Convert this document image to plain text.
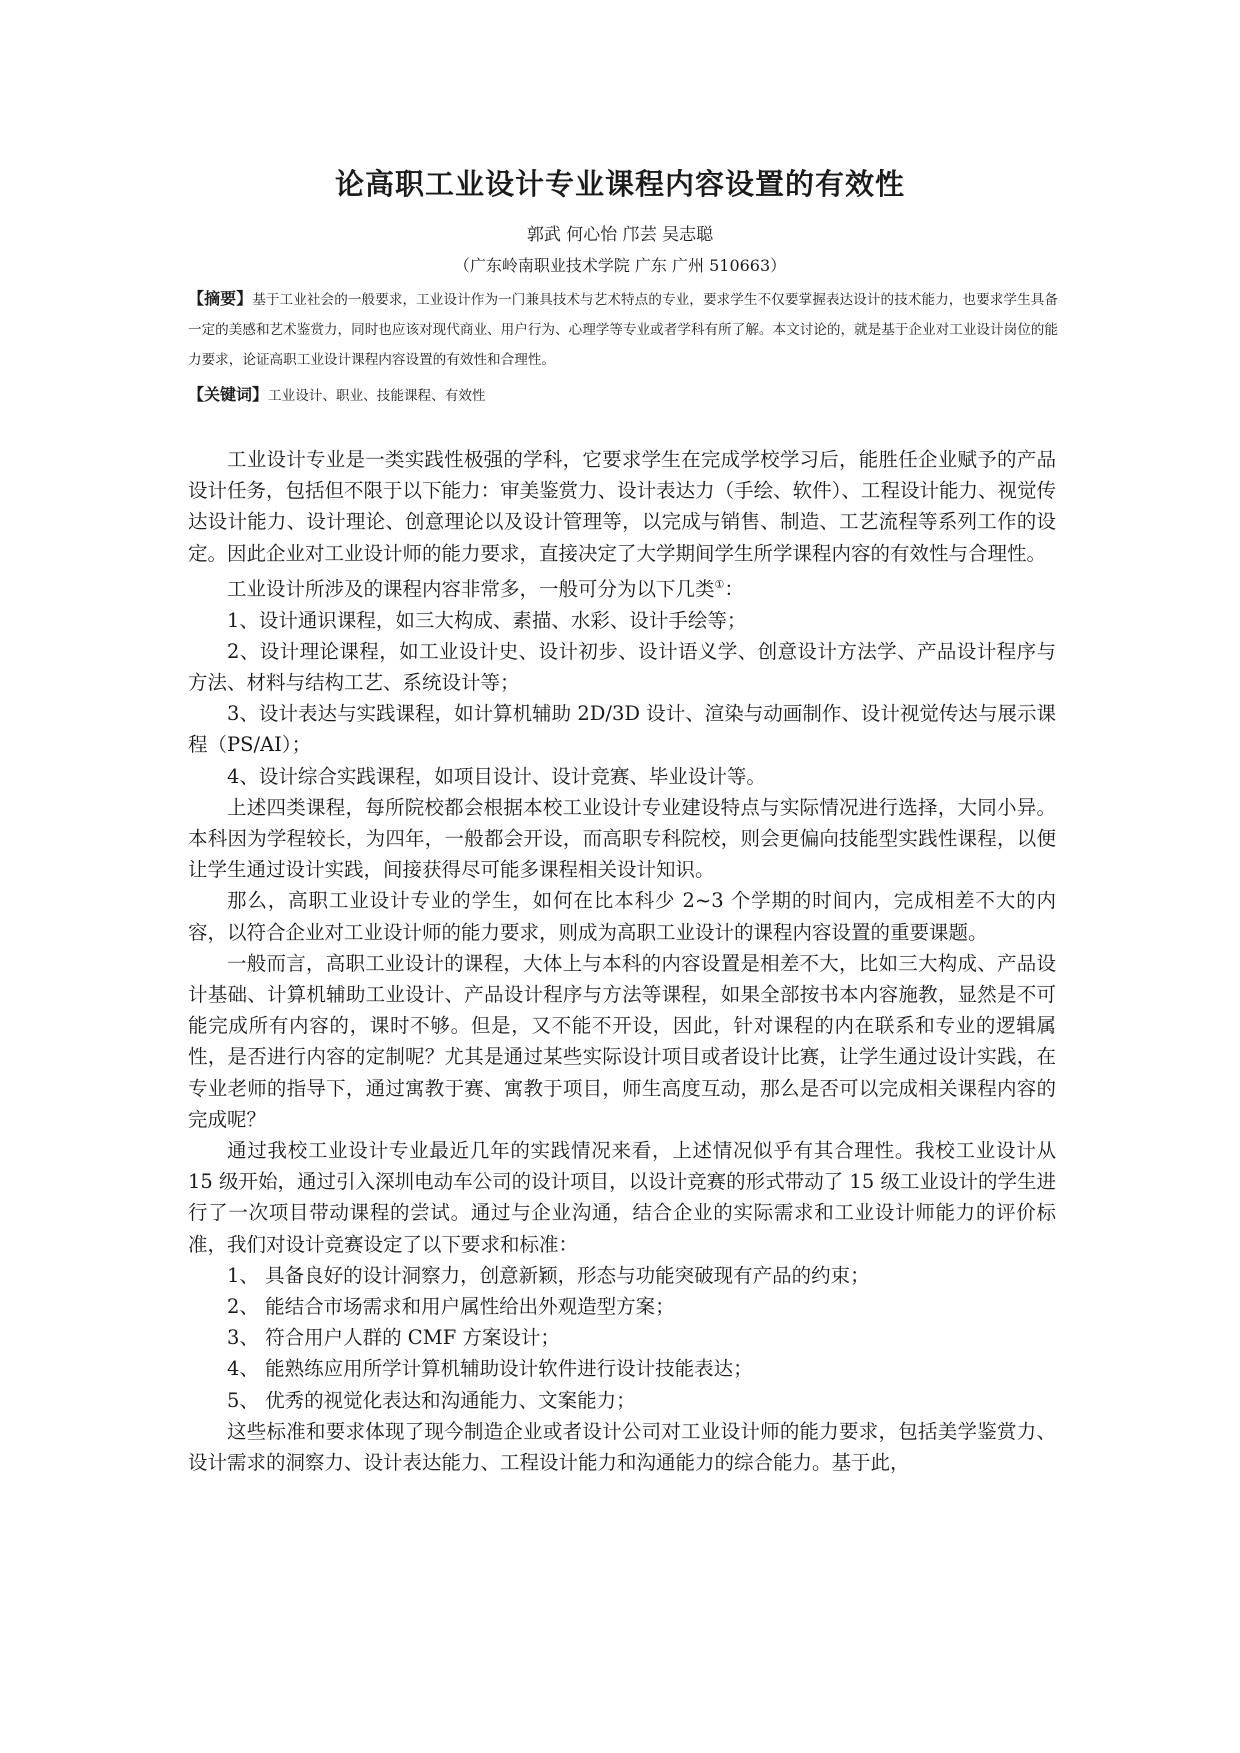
论高职工业设计专业课程内容设置的有效性
郭武 何心怡 邝芸 吴志聪
（广东岭南职业技术学院 广东 广州 510663）
【摘要】基于工业社会的一般要求，工业设计作为一门兼具技术与艺术特点的专业，要求学生不仅要掌握表达设计的技术能力，也要求学生具备一定的美感和艺术鉴赏力，同时也应该对现代商业、用户行为、心理学等专业或者学科有所了解。本文讨论的，就是基于企业对工业设计岗位的能力要求，论证高职工业设计课程内容设置的有效性和合理性。
【关键词】工业设计、职业、技能课程、有效性

工业设计专业是一类实践性极强的学科，它要求学生在完成学校学习后，能胜任企业赋予的产品设计任务，包括但不限于以下能力：审美鉴赏力、设计表达力（手绘、软件）、工程设计能力、视觉传达设计能力、设计理论、创意理论以及设计管理等，以完成与销售、制造、工艺流程等系列工作的设定。因此企业对工业设计师的能力要求，直接决定了大学期间学生所学课程内容的有效性与合理性。

工业设计所涉及的课程内容非常多，一般可分为以下几类①：

1、设计通识课程，如三大构成、素描、水彩、设计手绘等；

2、设计理论课程，如工业设计史、设计初步、设计语义学、创意设计方法学、产品设计程序与方法、材料与结构工艺、系统设计等；

3、设计表达与实践课程，如计算机辅助 2D/3D 设计、渲染与动画制作、设计视觉传达与展示课程（PS/AI）；

4、设计综合实践课程，如项目设计、设计竞赛、毕业设计等。

上述四类课程，每所院校都会根据本校工业设计专业建设特点与实际情况进行选择，大同小异。本科因为学程较长，为四年，一般都会开设，而高职专科院校，则会更偏向技能型实践性课程，以便让学生通过设计实践，间接获得尽可能多课程相关设计知识。

那么，高职工业设计专业的学生，如何在比本科少 2~3 个学期的时间内，完成相差不大的内容，以符合企业对工业设计师的能力要求，则成为高职工业设计的课程内容设置的重要课题。

一般而言，高职工业设计的课程，大体上与本科的内容设置是相差不大，比如三大构成、产品设计基础、计算机辅助工业设计、产品设计程序与方法等课程，如果全部按书本内容施教，显然是不可能完成所有内容的，课时不够。但是，又不能不开设，因此，针对课程的内在联系和专业的逻辑属性，是否进行内容的定制呢？尤其是通过某些实际设计项目或者设计比赛，让学生通过设计实践，在专业老师的指导下，通过寓教于赛、寓教于项目，师生高度互动，那么是否可以完成相关课程内容的完成呢？

通过我校工业设计专业最近几年的实践情况来看，上述情况似乎有其合理性。我校工业设计从 15 级开始，通过引入深圳电动车公司的设计项目，以设计竞赛的形式带动了 15 级工业设计的学生进行了一次项目带动课程的尝试。通过与企业沟通，结合企业的实际需求和工业设计师能力的评价标准，我们对设计竞赛设定了以下要求和标准：

1、 具备良好的设计洞察力，创意新颖，形态与功能突破现有产品的约束；

2、 能结合市场需求和用户属性给出外观造型方案；

3、 符合用户人群的 CMF 方案设计；

4、 能熟练应用所学计算机辅助设计软件进行设计技能表达；

5、 优秀的视觉化表达和沟通能力、文案能力；

这些标准和要求体现了现今制造企业或者设计公司对工业设计师的能力要求，包括美学鉴赏力、设计需求的洞察力、设计表达能力、工程设计能力和沟通能力的综合能力。基于此，
